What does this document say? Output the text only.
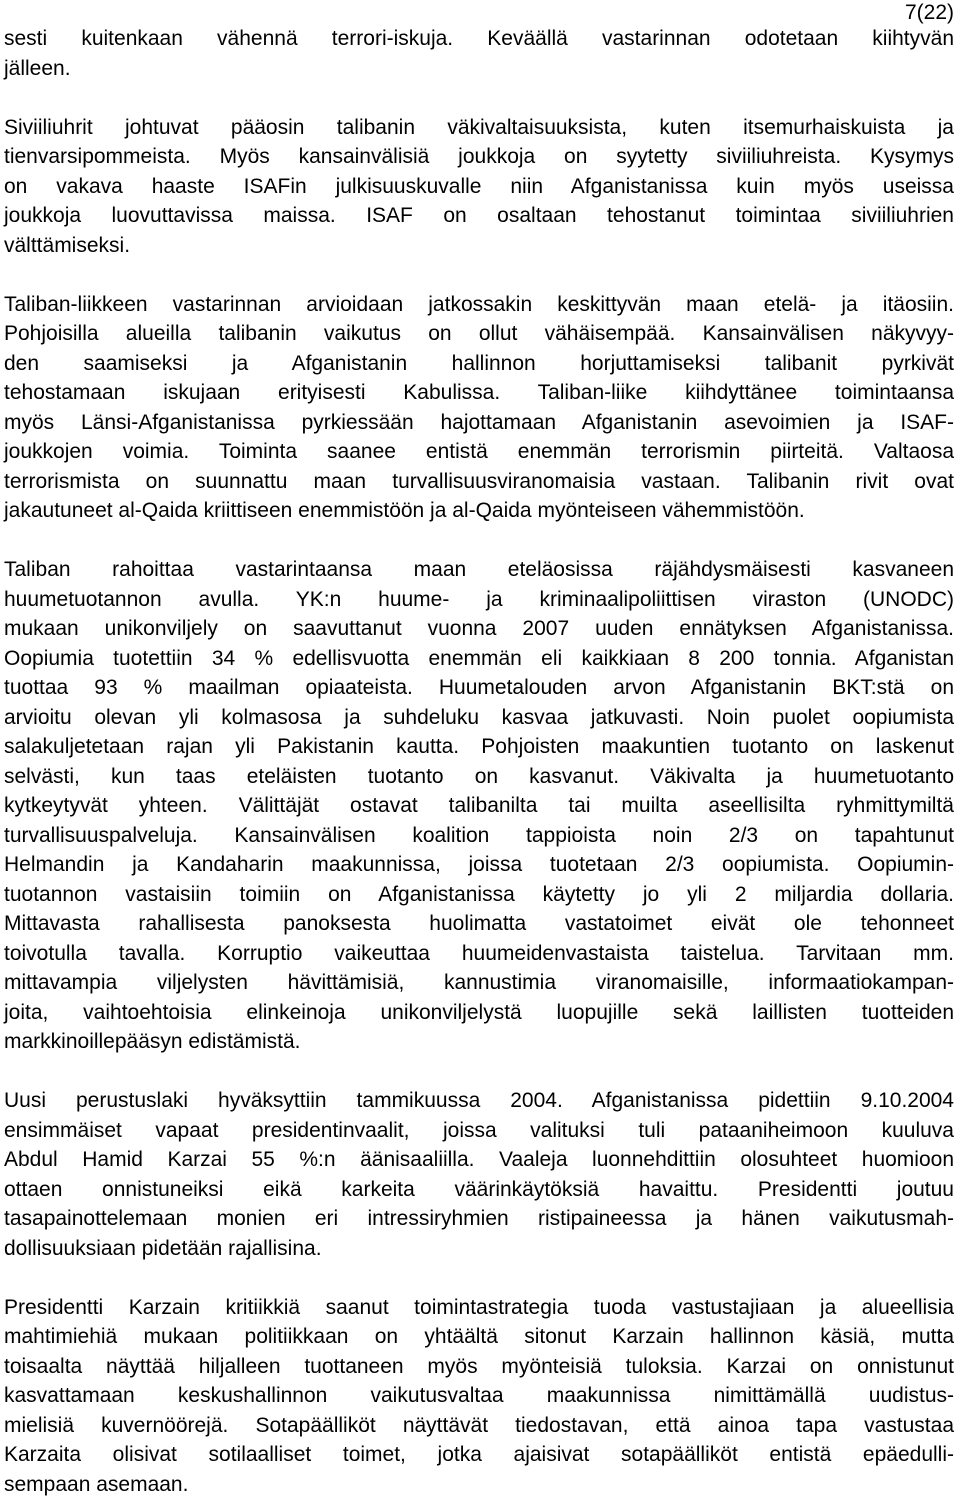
7(22)
sesti kuitenkaan vähennä terrori-iskuja. Keväällä vastarinnan odotetaan kiihtyvän
jälleen.
Siviiliuhrit johtuvat pääosin talibanin väkivaltaisuuksista, kuten itsemurhaiskuista ja
tienvarsipommeista. Myös kansainvälisiä joukkoja on syytetty siviiliuhreista. Kysymys
on vakava haaste ISAFin julkisuuskuvalle niin Afganistanissa kuin myös useissa
joukkoja luovuttavissa maissa. ISAF on osaltaan tehostanut toimintaa siviiliuhrien
välttämiseksi.
Taliban-liikkeen vastarinnan arvioidaan jatkossakin keskittyvän maan etelä- ja itäosiin.
Pohjoisilla alueilla talibanin vaikutus on ollut vähäisempää. Kansainvälisen näkyvyy-
den saamiseksi ja Afganistanin hallinnon horjuttamiseksi talibanit pyrkivät
tehostamaan iskujaan erityisesti Kabulissa. Taliban-liike kiihdyttänee toimintaansa
myös Länsi-Afganistanissa pyrkiessään hajottamaan Afganistanin asevoimien ja ISAF-
joukkojen voimia. Toiminta saanee entistä enemmän terrorismin piirteitä. Valtaosa
terrorismista on suunnattu maan turvallisuusviranomaisia vastaan. Talibanin rivit ovat
jakautuneet al-Qaida kriittiseen enemmistöön ja al-Qaida myönteiseen vähemmistöön.
Taliban rahoittaa vastarintaansa maan eteläosissa räjähdysmäisesti kasvaneen
huumetuotannon avulla. YK:n huume- ja kriminaalipoliittisen viraston (UNODC)
mukaan unikonviljely on saavuttanut vuonna 2007 uuden ennätyksen Afganistanissa.
Oopiumia tuotettiin 34 % edellisvuotta enemmän eli kaikkiaan 8 200 tonnia. Afganistan
tuottaa 93 % maailman opiaateista. Huumetalouden arvon Afganistanin BKT:stä on
arvioitu olevan yli kolmasosa ja suhdeluku kasvaa jatkuvasti. Noin puolet oopiumista
salakuljetetaan rajan yli Pakistanin kautta. Pohjoisten maakuntien tuotanto on laskenut
selvästi, kun taas eteläisten tuotanto on kasvanut. Väkivalta ja huumetuotanto
kytkeytyvät yhteen. Välittäjät ostavat talibanilta tai muilta aseellisilta ryhmittymiltä
turvallisuuspalveluja. Kansainvälisen koalition tappioista noin 2/3 on tapahtunut
Helmandin ja Kandaharin maakunnissa, joissa tuotetaan 2/3 oopiumista. Oopiumin-
tuotannon vastaisiin toimiin on Afganistanissa käytetty jo yli 2 miljardia dollaria.
Mittavasta rahallisesta panoksesta huolimatta vastatoimet eivät ole tehonneet
toivotulla tavalla. Korruptio vaikeuttaa huumeidenvastaista taistelua. Tarvitaan mm.
mittavampia viljelysten hävittämisiä, kannustimia viranomaisille, informaatiokampan-
joita, vaihtoehtoisia elinkeinoja unikonviljelystä luopujille sekä laillisten tuotteiden
markkinoillepääsyn edistämistä.
Uusi perustuslaki hyväksyttiin tammikuussa 2004. Afganistanissa pidettiin 9.10.2004
ensimmäiset vapaat presidentinvaalit, joissa valituksi tuli pataaniheimoon kuuluva
Abdul Hamid Karzai 55 %:n äänisaaliilla. Vaaleja luonnehdittiin olosuhteet huomioon
ottaen onnistuneiksi eikä karkeita väärinkäytöksiä havaittu. Presidentti joutuu
tasapainottelemaan monien eri intressiryhmien ristipaineessa ja hänen vaikutusmah-
dollisuuksiaan pidetään rajallisina.
Presidentti Karzain kritiikkiä saanut toimintastrategia tuoda vastustajiaan ja alueellisia
mahtimiehiä mukaan politiikkaan on yhtäältä sitonut Karzain hallinnon käsiä, mutta
toisaalta näyttää hiljalleen tuottaneen myös myönteisiä tuloksia. Karzai on onnistunut
kasvattamaan keskushallinnon vaikutusvaltaa maakunnissa nimittämällä uudistus-
mielisiä kuvernöörejä. Sotapäälliköt näyttävät tiedostavan, että ainoa tapa vastustaa
Karzaita olisivat sotilaalliset toimet, jotka ajaisivat sotapäälliköt entistä epäedulli-
sempaan asemaan.
